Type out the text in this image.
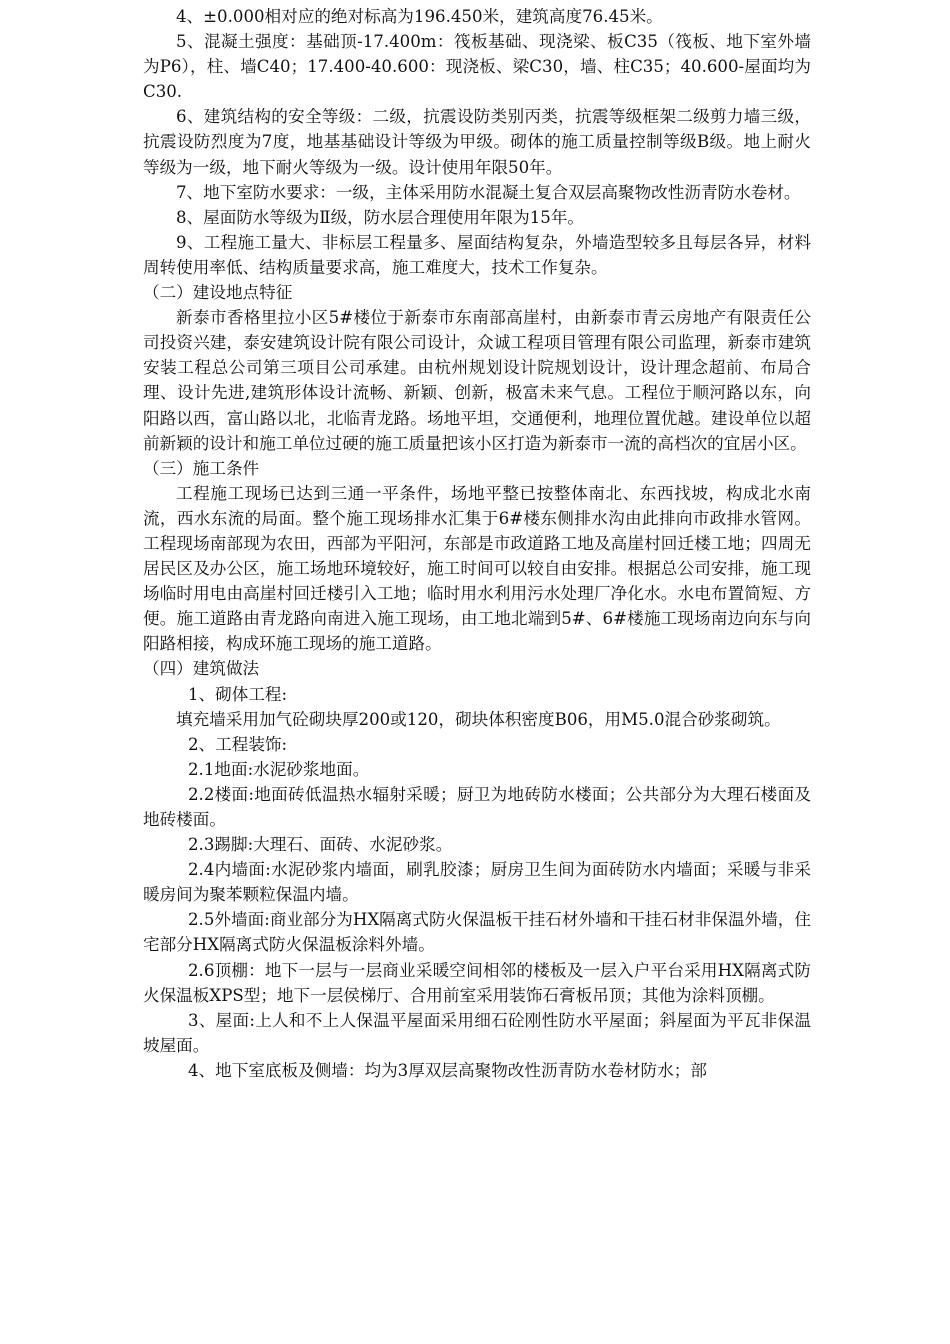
4、±0.000相对应的绝对标高为196.450米，建筑高度76.45米。

5、混凝土强度：基础顶-17.400m：筏板基础、现浇梁、板C35（筏板、地下室外墙为P6），柱、墙C40；17.400-40.600：现浇板、梁C30，墙、柱C35；40.600-屋面均为C30.

6、建筑结构的安全等级：二级，抗震设防类别丙类，抗震等级框架二级剪力墙三级，抗震设防烈度为7度，地基基础设计等级为甲级。砌体的施工质量控制等级B级。地上耐火等级为一级，地下耐火等级为一级。设计使用年限50年。

7、地下室防水要求：一级，主体采用防水混凝土复合双层高聚物改性沥青防水卷材。

8、屋面防水等级为Ⅱ级，防水层合理使用年限为15年。

9、工程施工量大、非标层工程量多、屋面结构复杂，外墙造型较多且每层各异，材料周转使用率低、结构质量要求高，施工难度大，技术工作复杂。

（二）建设地点特征

新泰市香格里拉小区5#楼位于新泰市东南部高崖村，由新泰市青云房地产有限责任公司投资兴建，泰安建筑设计院有限公司设计，众诚工程项目管理有限公司监理，新泰市建筑安装工程总公司第三项目公司承建。由杭州规划设计院规划设计，设计理念超前、布局合理、设计先进,建筑形体设计流畅、新颖、创新，极富未来气息。工程位于顺河路以东，向阳路以西，富山路以北，北临青龙路。场地平坦，交通便利，地理位置优越。建设单位以超前新颖的设计和施工单位过硬的施工质量把该小区打造为新泰市一流的高档次的宜居小区。

（三）施工条件

工程施工现场已达到三通一平条件，场地平整已按整体南北、东西找坡，构成北水南流，西水东流的局面。整个施工现场排水汇集于6#楼东侧排水沟由此排向市政排水管网。工程现场南部现为农田，西部为平阳河，东部是市政道路工地及高崖村回迁楼工地；四周无居民区及办公区，施工场地环境较好，施工时间可以较自由安排。根据总公司安排，施工现场临时用电由高崖村回迁楼引入工地；临时用水利用污水处理厂净化水。水电布置简短、方便。施工道路由青龙路向南进入施工现场，由工地北端到5#、6#楼施工现场南边向东与向阳路相接，构成环施工现场的施工道路。

（四）建筑做法

1、砌体工程:

填充墙采用加气砼砌块厚200或120，砌块体积密度B06，用M5.0混合砂浆砌筑。

2、工程装饰:

2.1地面:水泥砂浆地面。

2.2楼面:地面砖低温热水辐射采暖；厨卫为地砖防水楼面；公共部分为大理石楼面及地砖楼面。

2.3踢脚:大理石、面砖、水泥砂浆。

2.4内墙面:水泥砂浆内墙面，刷乳胶漆；厨房卫生间为面砖防水内墙面；采暖与非采暖房间为聚苯颗粒保温内墙。

2.5外墙面:商业部分为HX隔离式防火保温板干挂石材外墙和干挂石材非保温外墙，住宅部分HX隔离式防火保温板涂料外墙。

2.6顶棚：地下一层与一层商业采暖空间相邻的楼板及一层入户平台采用HX隔离式防火保温板XPS型；地下一层侯梯厅、合用前室采用装饰石膏板吊顶；其他为涂料顶棚。

3、屋面:上人和不上人保温平屋面采用细石砼刚性防水平屋面；斜屋面为平瓦非保温坡屋面。

4、地下室底板及侧墙：均为3厚双层高聚物改性沥青防水卷材防水；部
